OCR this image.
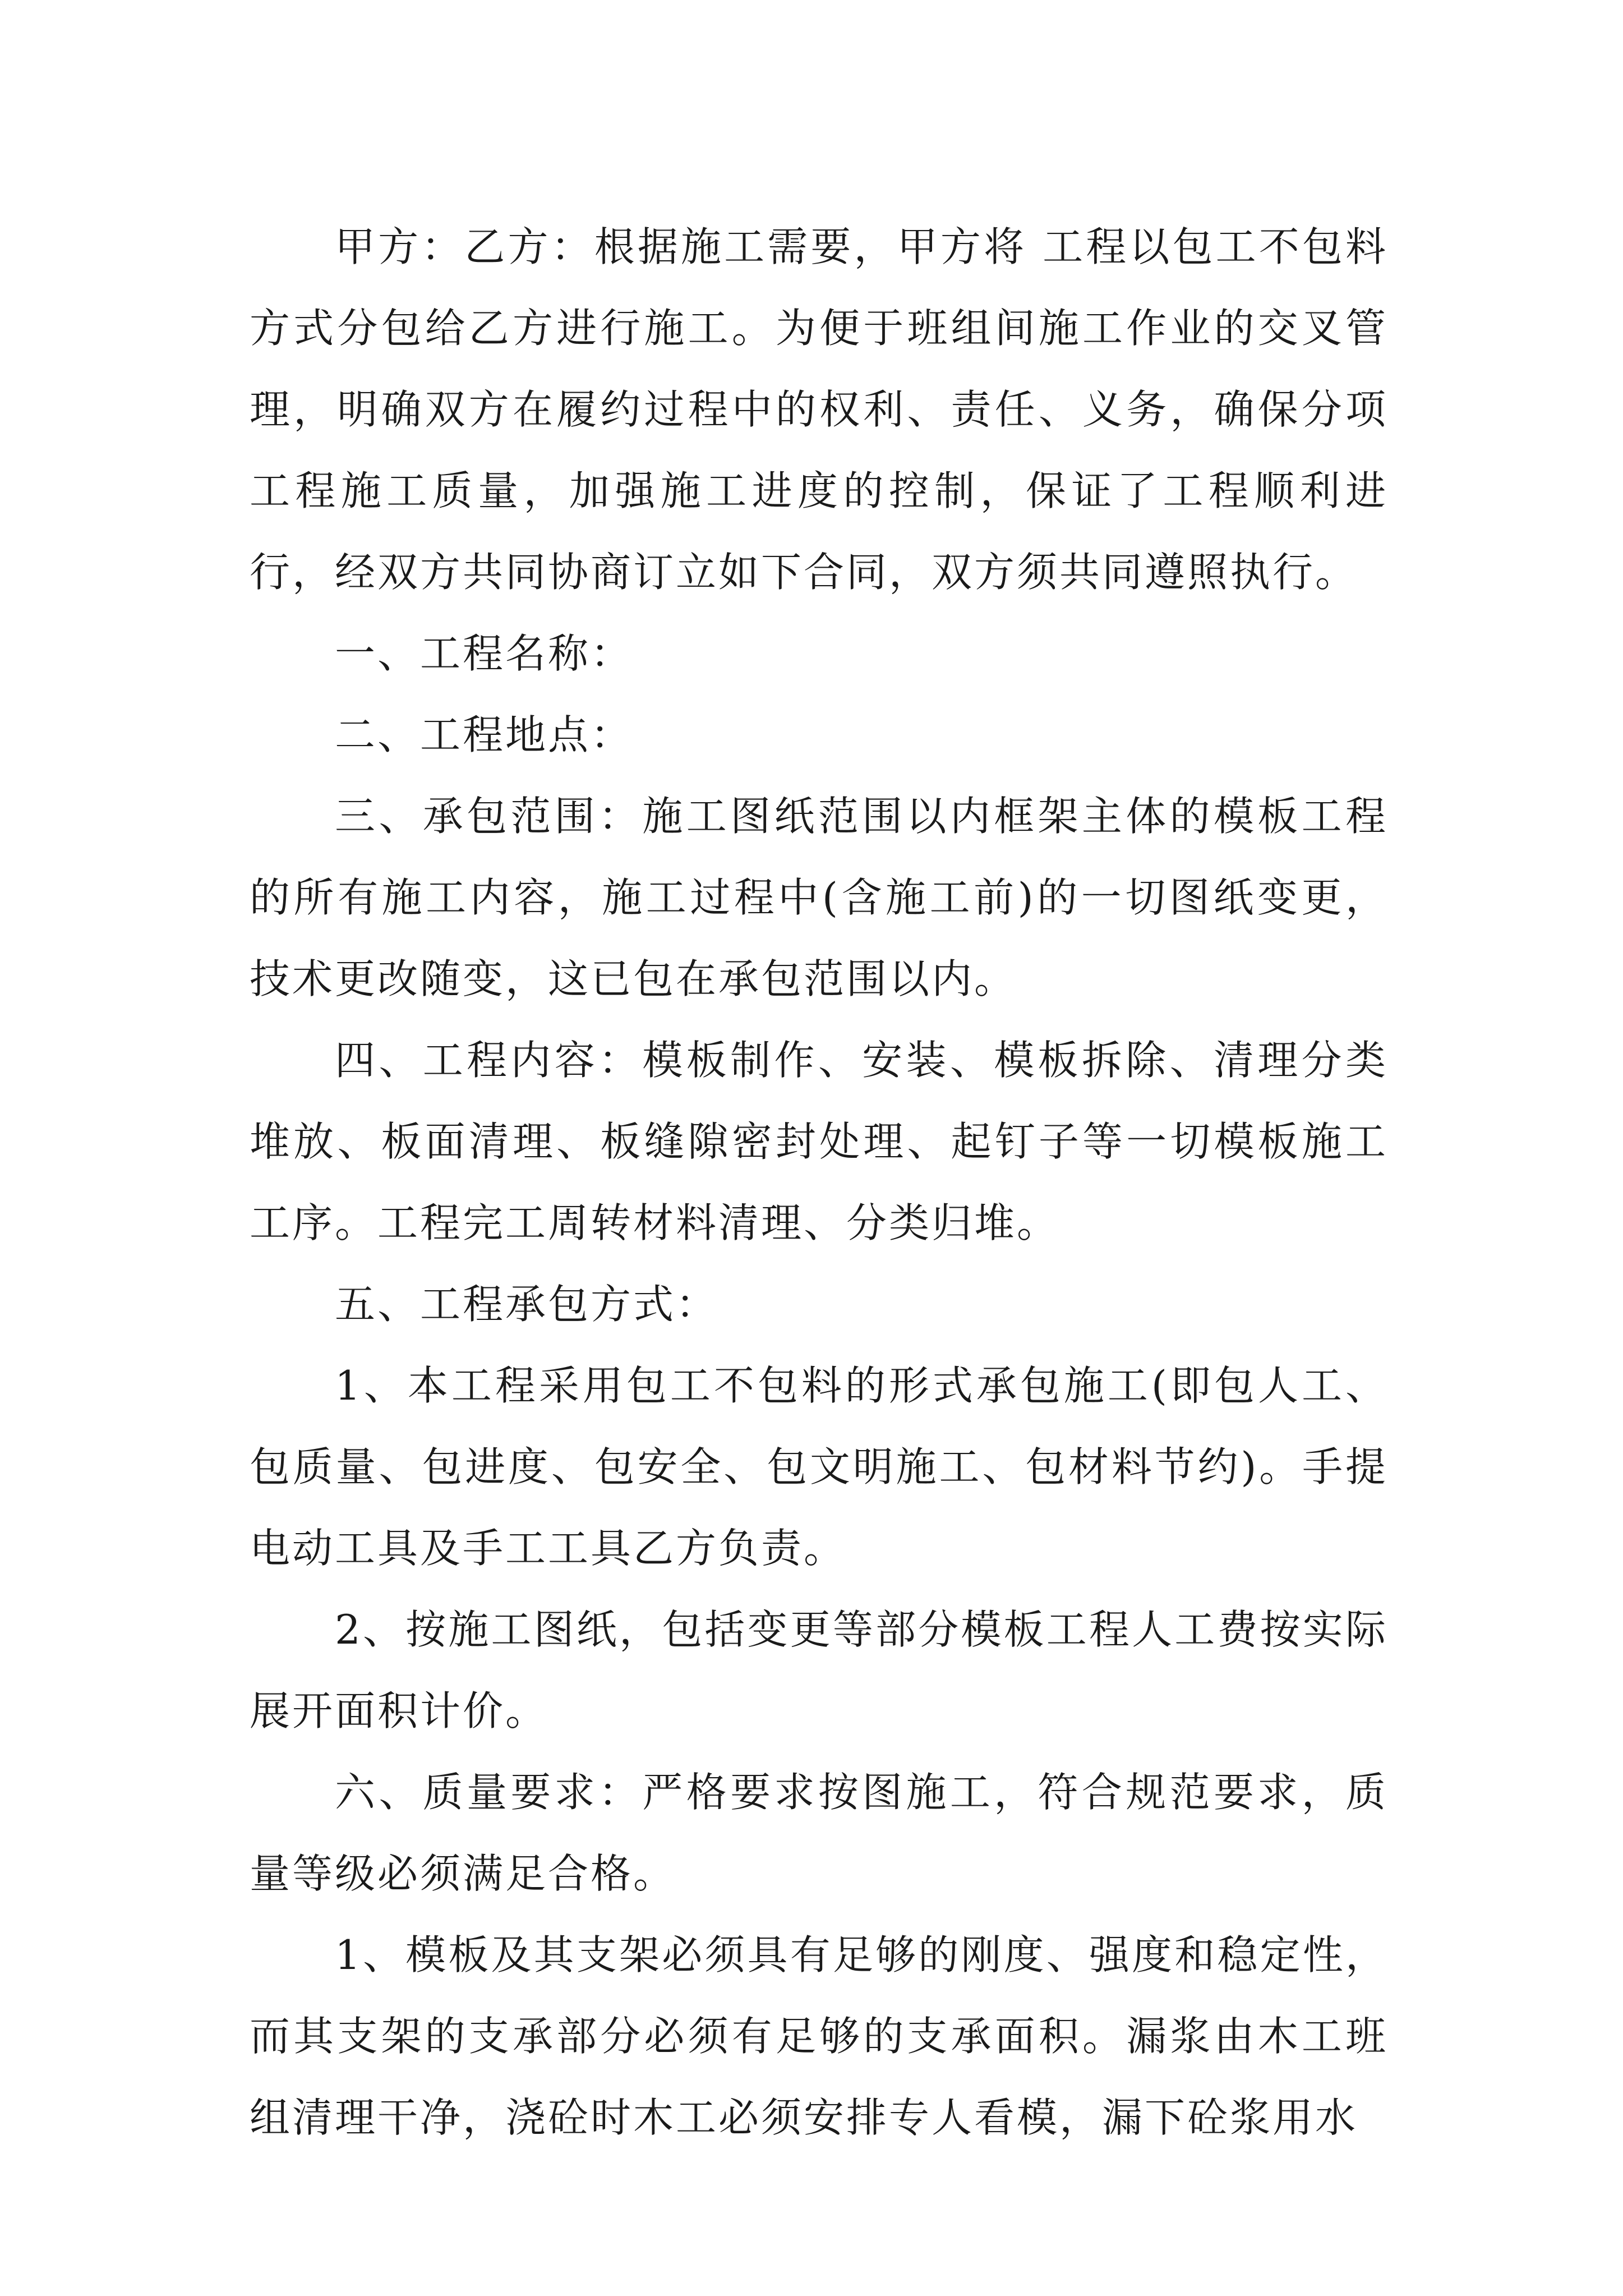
甲方：乙方：根据施工需要，甲方将 工程以包工不包料方式分包给乙方进行施工。为便于班组间施工作业的交叉管理，明确双方在履约过程中的权利、责任、义务，确保分项工程施工质量，加强施工进度的控制，保证了工程顺利进行，经双方共同协商订立如下合同，双方须共同遵照执行。

一、工程名称：

二、工程地点：

三、承包范围：施工图纸范围以内框架主体的模板工程的所有施工内容，施工过程中(含施工前)的一切图纸变更，技术更改随变，这已包在承包范围以内。

四、工程内容：模板制作、安装、模板拆除、清理分类堆放、板面清理、板缝隙密封处理、起钉子等一切模板施工工序。工程完工周转材料清理、分类归堆。

五、工程承包方式：

1、本工程采用包工不包料的形式承包施工(即包人工、包质量、包进度、包安全、包文明施工、包材料节约)。手提电动工具及手工工具乙方负责。

2、按施工图纸，包括变更等部分模板工程人工费按实际展开面积计价。

六、质量要求：严格要求按图施工，符合规范要求，质量等级必须满足合格。

1、模板及其支架必须具有足够的刚度、强度和稳定性，而其支架的支承部分必须有足够的支承面积。漏浆由木工班组清理干净，浇砼时木工必须安排专人看模，漏下砼浆用水
